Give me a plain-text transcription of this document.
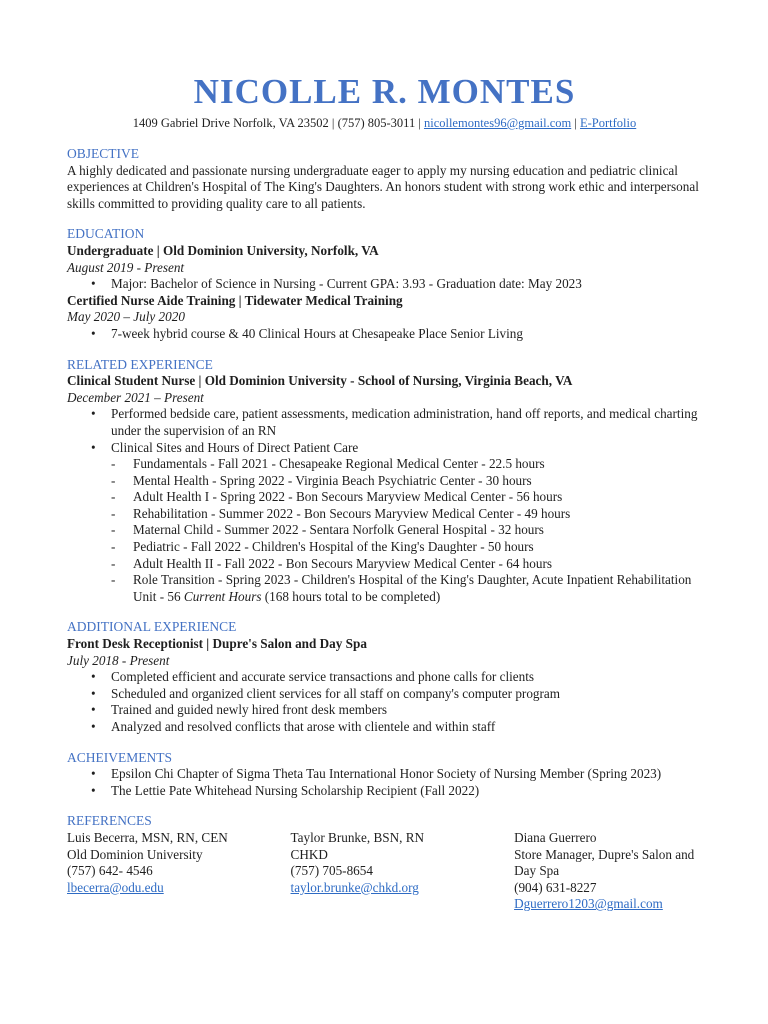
NICOLLE R. MONTES
1409 Gabriel Drive Norfolk, VA 23502 | (757) 805-3011 | nicollemontes96@gmail.com | E-Portfolio
OBJECTIVE
A highly dedicated and passionate nursing undergraduate eager to apply my nursing education and pediatric clinical experiences at Children's Hospital of The King's Daughters. An honors student with strong work ethic and interpersonal skills committed to providing quality care to all patients.
EDUCATION
Undergraduate | Old Dominion University, Norfolk, VA
August 2019 - Present
• Major: Bachelor of Science in Nursing - Current GPA: 3.93 - Graduation date: May 2023
Certified Nurse Aide Training | Tidewater Medical Training
May 2020 – July 2020
• 7-week hybrid course & 40 Clinical Hours at Chesapeake Place Senior Living
RELATED EXPERIENCE
Clinical Student Nurse | Old Dominion University - School of Nursing, Virginia Beach, VA
December 2021 – Present
• Performed bedside care, patient assessments, medication administration, hand off reports, and medical charting under the supervision of an RN
• Clinical Sites and Hours of Direct Patient Care
- Fundamentals - Fall 2021 - Chesapeake Regional Medical Center - 22.5 hours
- Mental Health - Spring 2022 - Virginia Beach Psychiatric Center - 30 hours
- Adult Health I - Spring 2022 - Bon Secours Maryview Medical Center - 56 hours
- Rehabilitation - Summer 2022 - Bon Secours Maryview Medical Center - 49 hours
- Maternal Child - Summer 2022 - Sentara Norfolk General Hospital - 32 hours
- Pediatric - Fall 2022 - Children's Hospital of the King's Daughter - 50 hours
- Adult Health II - Fall 2022 - Bon Secours Maryview Medical Center - 64 hours
- Role Transition - Spring 2023 - Children's Hospital of the King's Daughter, Acute Inpatient Rehabilitation Unit - 56 Current Hours (168 hours total to be completed)
ADDITIONAL EXPERIENCE
Front Desk Receptionist | Dupre's Salon and Day Spa
July 2018 - Present
• Completed efficient and accurate service transactions and phone calls for clients
• Scheduled and organized client services for all staff on company's computer program
• Trained and guided newly hired front desk members
• Analyzed and resolved conflicts that arose with clientele and within staff
ACHEIVEMENTS
• Epsilon Chi Chapter of Sigma Theta Tau International Honor Society of Nursing Member (Spring 2023)
• The Lettie Pate Whitehead Nursing Scholarship Recipient (Fall 2022)
REFERENCES
Luis Becerra, MSN, RN, CEN
Old Dominion University
(757) 642- 4546
lbecerra@odu.edu
Taylor Brunke, BSN, RN
CHKD
(757) 705-8654
taylor.brunke@chkd.org
Diana Guerrero
Store Manager, Dupre's Salon and Day Spa
(904) 631-8227
Dguerrero1203@gmail.com
